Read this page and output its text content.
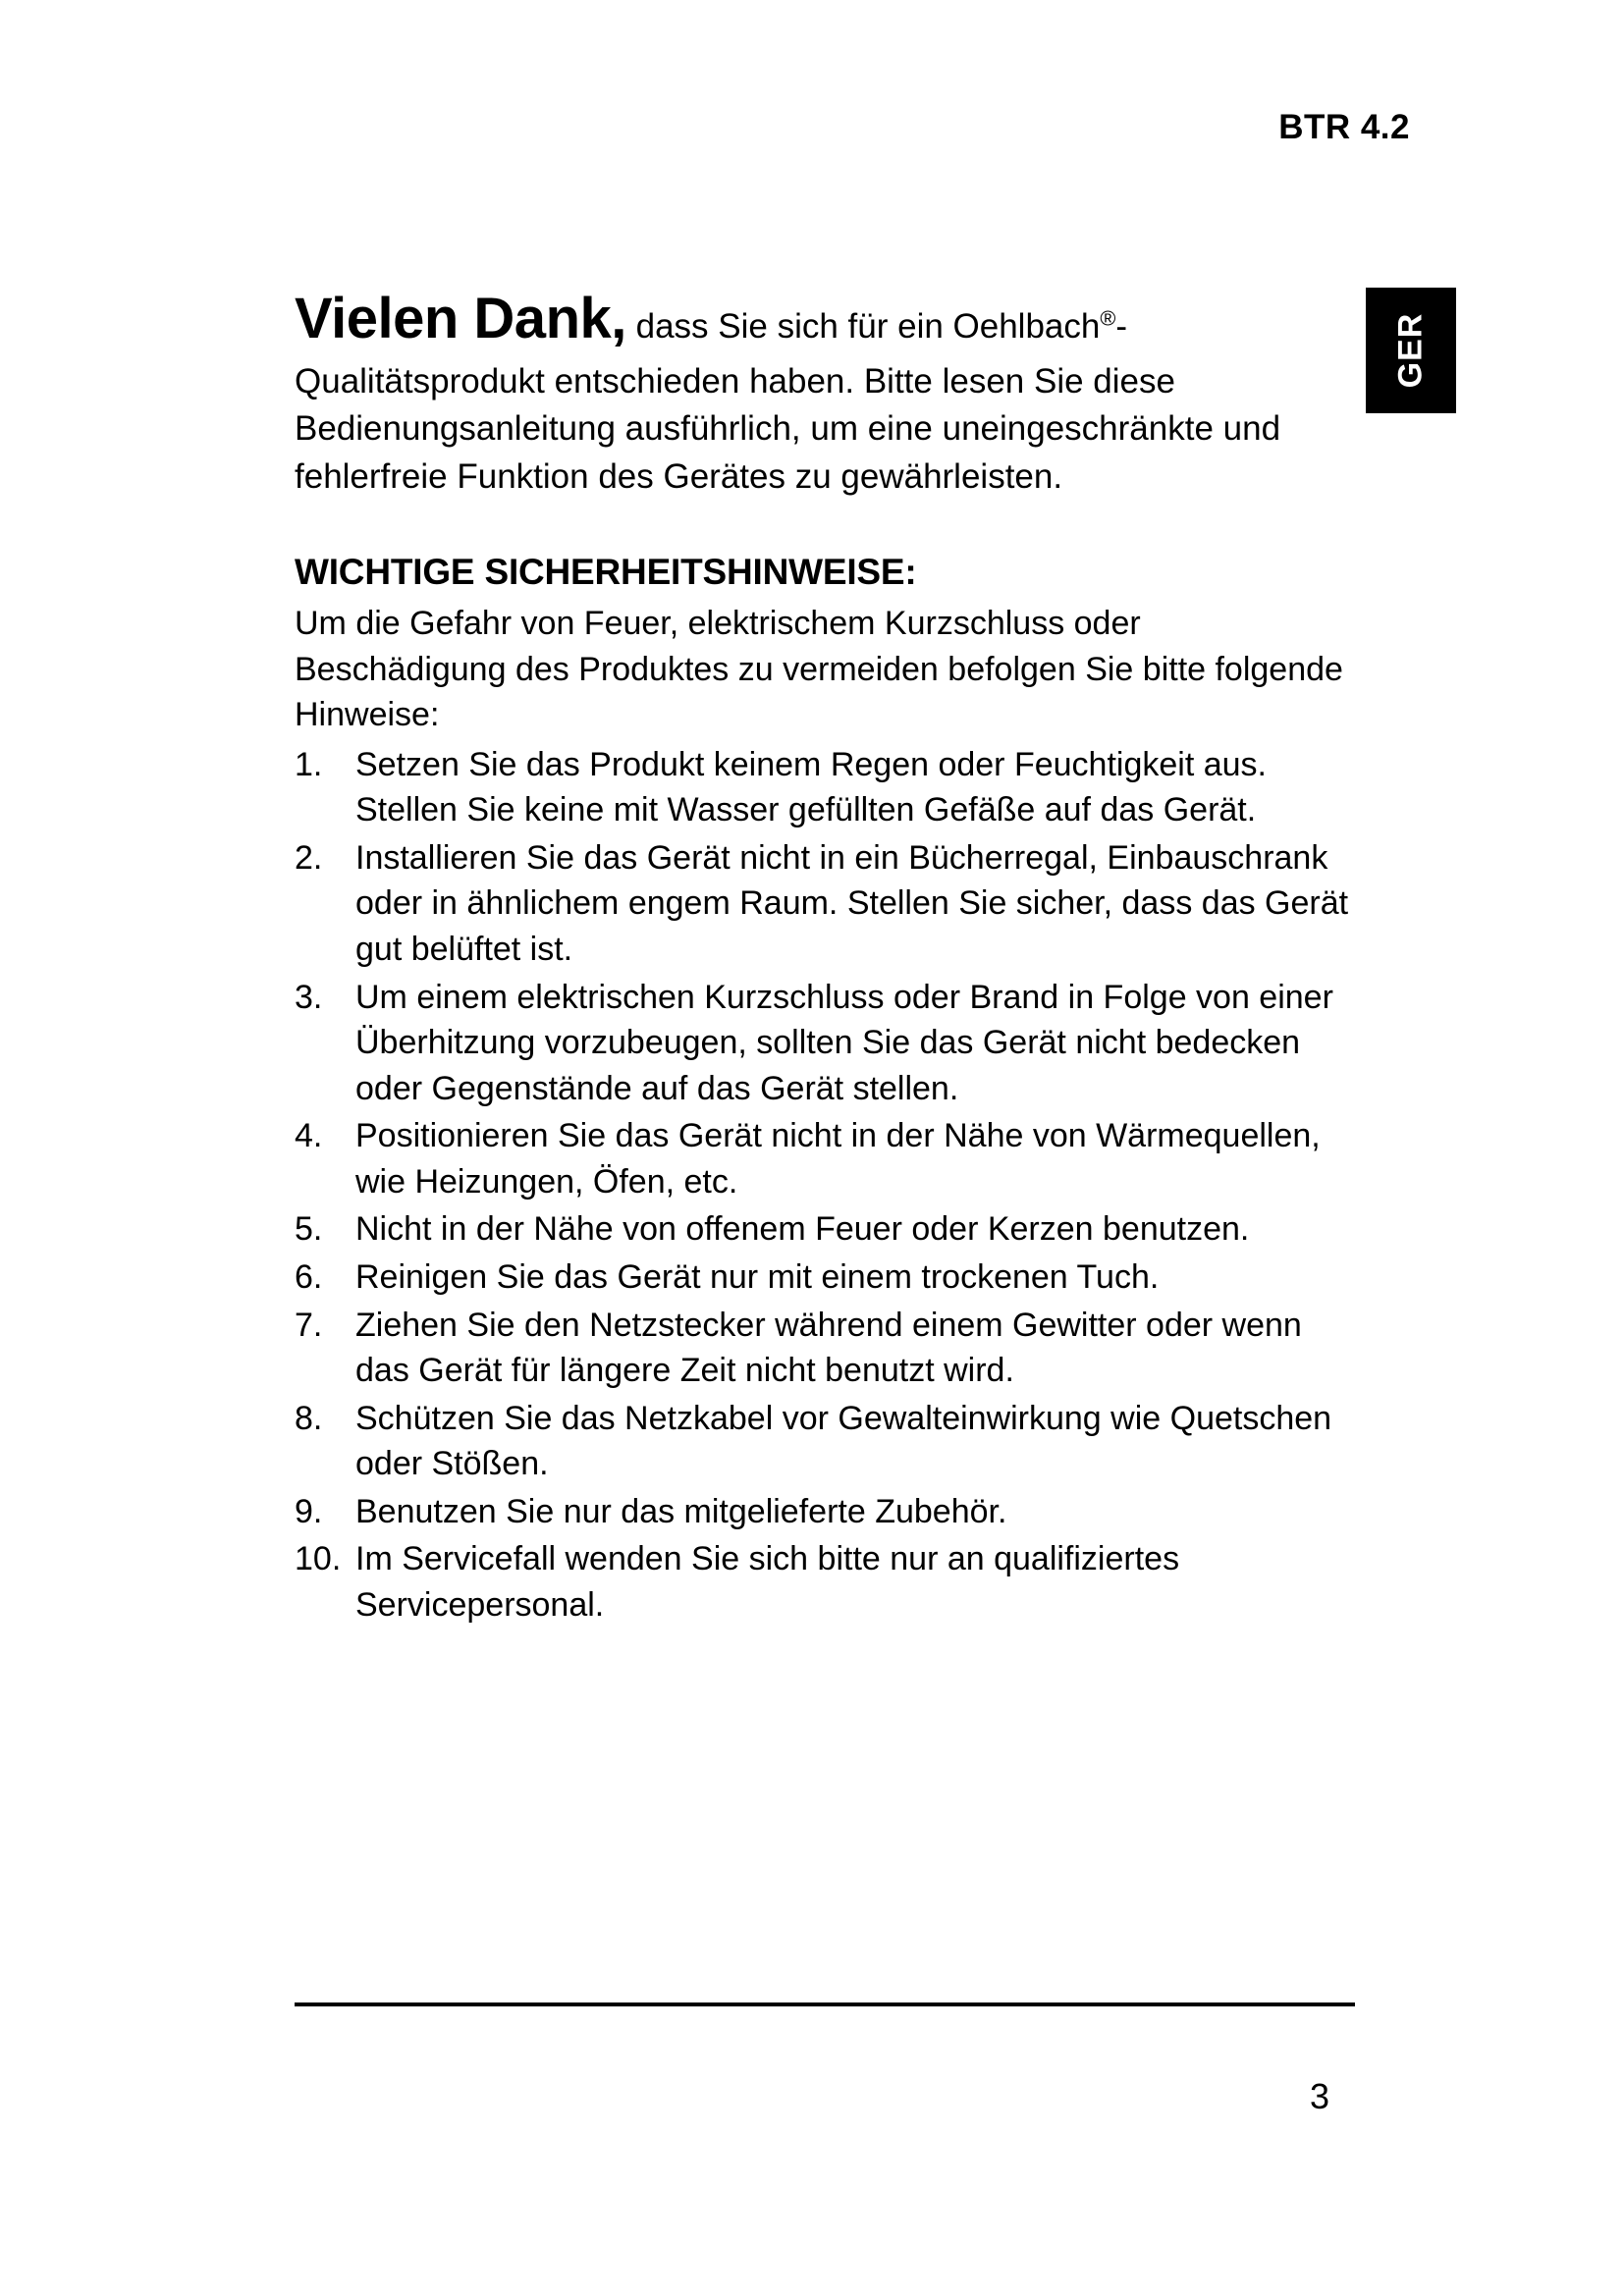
BTR 4.2
GER

Vielen Dank, dass Sie sich für ein Oehlbach®-Qualitätsprodukt entschieden haben. Bitte lesen Sie diese Bedienungsanleitung ausführlich, um eine uneingeschränkte und fehlerfreie Funktion des Gerätes zu gewährleisten.

WICHTIGE SICHERHEITSHINWEISE:

Um die Gefahr von Feuer, elektrischem Kurzschluss oder Beschädigung des Produktes zu vermeiden befolgen Sie bitte folgende Hinweise:

1. Setzen Sie das Produkt keinem Regen oder Feuchtigkeit aus. Stellen Sie keine mit Wasser gefüllten Gefäße auf das Gerät.
2. Installieren Sie das Gerät nicht in ein Bücherregal, Einbauschrank oder in ähnlichem engem Raum. Stellen Sie sicher, dass das Gerät gut belüftet ist.
3. Um einem elektrischen Kurzschluss oder Brand in Folge von einer Überhitzung vorzubeugen, sollten Sie das Gerät nicht bedecken oder Gegenstände auf das Gerät stellen.
4. Positionieren Sie das Gerät nicht in der Nähe von Wärmequellen, wie Heizungen, Öfen, etc.
5. Nicht in der Nähe von offenem Feuer oder Kerzen benutzen.
6. Reinigen Sie das Gerät nur mit einem trockenen Tuch.
7. Ziehen Sie den Netzstecker während einem Gewitter oder wenn das Gerät für längere Zeit nicht benutzt wird.
8. Schützen Sie das Netzkabel vor Gewalteinwirkung wie Quetschen oder Stößen.
9. Benutzen Sie nur das mitgelieferte Zubehör.
10. Im Servicefall wenden Sie sich bitte nur an qualifiziertes Servicepersonal.
3
